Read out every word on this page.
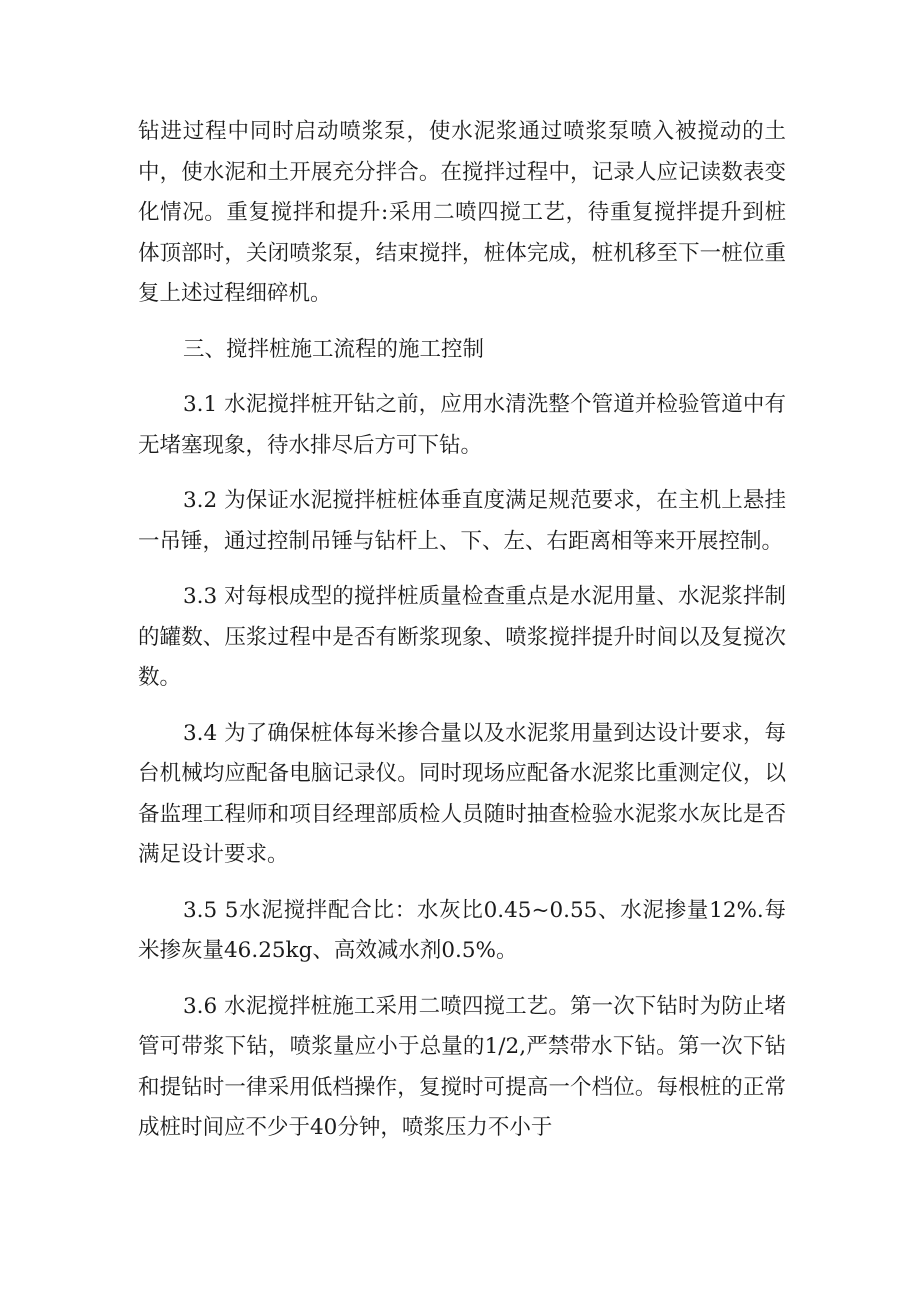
钻进过程中同时启动喷浆泵，使水泥浆通过喷浆泵喷入被搅动的土中，使水泥和土开展充分拌合。在搅拌过程中，记录人应记读数表变化情况。重复搅拌和提升:采用二喷四搅工艺，待重复搅拌提升到桩体顶部时，关闭喷浆泵，结束搅拌，桩体完成，桩机移至下一桩位重复上述过程细碎机。

三、搅拌桩施工流程的施工控制

3.1 水泥搅拌桩开钻之前，应用水清洗整个管道并检验管道中有无堵塞现象，待水排尽后方可下钻。

3.2 为保证水泥搅拌桩桩体垂直度满足规范要求，在主机上悬挂一吊锤，通过控制吊锤与钻杆上、下、左、右距离相等来开展控制。

3.3 对每根成型的搅拌桩质量检查重点是水泥用量、水泥浆拌制的罐数、压浆过程中是否有断浆现象、喷浆搅拌提升时间以及复搅次数。

3.4 为了确保桩体每米掺合量以及水泥浆用量到达设计要求，每台机械均应配备电脑记录仪。同时现场应配备水泥浆比重测定仪，以备监理工程师和项目经理部质检人员随时抽查检验水泥浆水灰比是否满足设计要求。

3.5 5水泥搅拌配合比：水灰比0.45~0.55、水泥掺量12%.每米掺灰量46.25kg、高效减水剂0.5%。

3.6 水泥搅拌桩施工采用二喷四搅工艺。第一次下钻时为防止堵管可带浆下钻，喷浆量应小于总量的1/2,严禁带水下钻。第一次下钻和提钻时一律采用低档操作，复搅时可提高一个档位。每根桩的正常成桩时间应不少于40分钟，喷浆压力不小于
